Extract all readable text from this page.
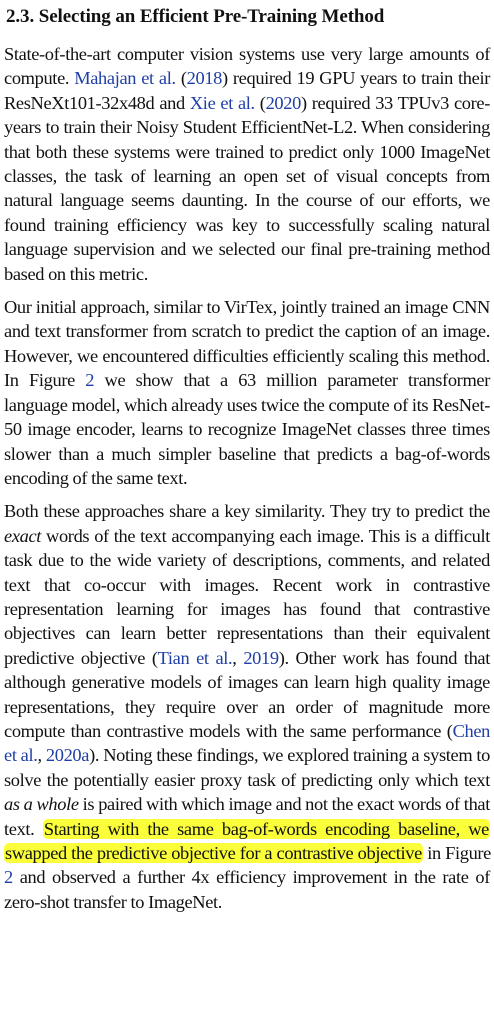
2.3. Selecting an Efficient Pre-Training Method

State-of-the-art computer vision systems use very large amounts of compute. Mahajan et al. (2018) required 19 GPU years to train their ResNeXt101-32x48d and Xie et al. (2020) required 33 TPUv3 core-years to train their Noisy Student EfficientNet-L2. When considering that both these systems were trained to predict only 1000 ImageNet classes, the task of learning an open set of visual concepts from natural language seems daunting. In the course of our efforts, we found training efficiency was key to successfully scaling natural language supervision and we selected our final pre-training method based on this metric.

Our initial approach, similar to VirTex, jointly trained an image CNN and text transformer from scratch to predict the caption of an image. However, we encountered difficulties efficiently scaling this method. In Figure 2 we show that a 63 million parameter transformer language model, which already uses twice the compute of its ResNet-50 image encoder, learns to recognize ImageNet classes three times slower than a much simpler baseline that predicts a bag-of-words encoding of the same text.

Both these approaches share a key similarity. They try to predict the exact words of the text accompanying each image. This is a difficult task due to the wide variety of descriptions, comments, and related text that co-occur with images. Recent work in contrastive representation learning for images has found that contrastive objectives can learn better representations than their equivalent predictive objective (Tian et al., 2019). Other work has found that although generative models of images can learn high quality image representations, they require over an order of magnitude more compute than contrastive models with the same performance (Chen et al., 2020a). Noting these findings, we explored training a system to solve the potentially easier proxy task of predicting only which text as a whole is paired with which image and not the exact words of that text. Starting with the same bag-of-words encoding baseline, we swapped the predictive objective for a contrastive objective in Figure 2 and observed a further 4x efficiency improvement in the rate of zero-shot transfer to ImageNet.
